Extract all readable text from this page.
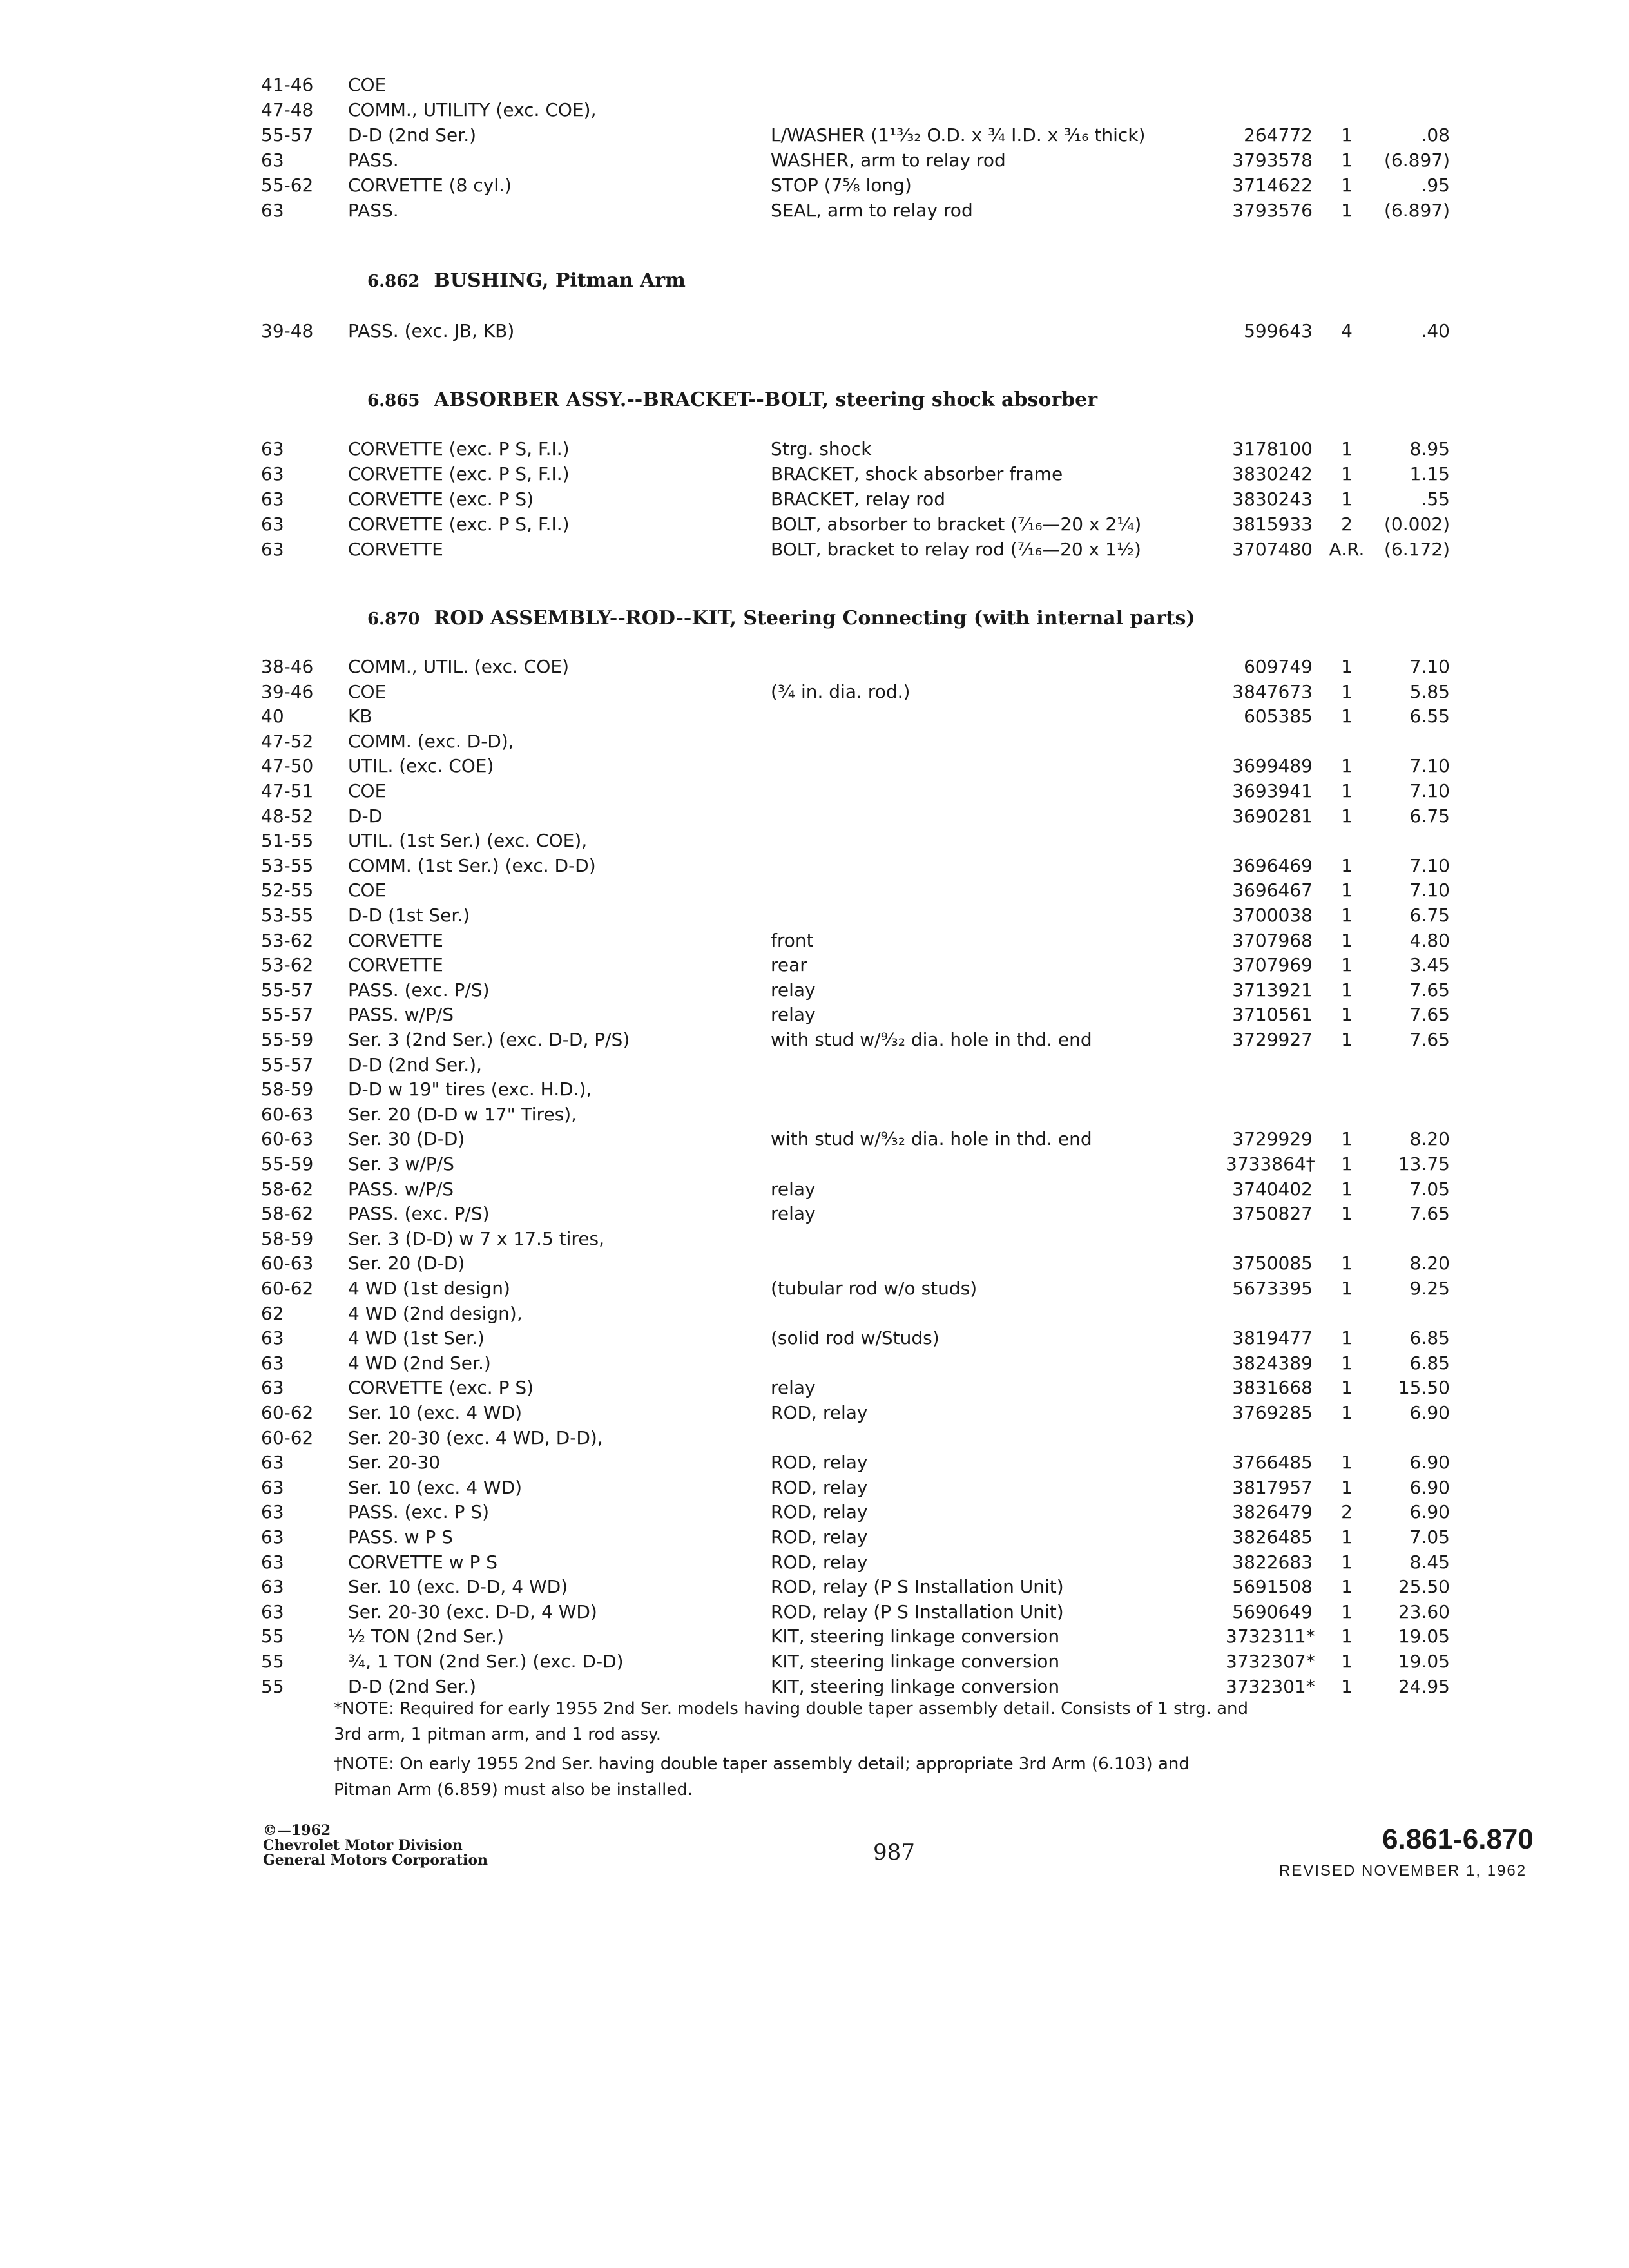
41-46 COE
47-48 COMM., UTILITY (exc. COE),
55-57 D-D (2nd Ser.)	L/WASHER (1¹³⁄₃₂ O.D. x ¾ I.D. x ³⁄₁₆ thick)	264772	1	.08
63	PASS.	WASHER, arm to relay rod	3793578	1	(6.897)
55-62 CORVETTE (8 cyl.)	STOP (7⅝ long)	3714622	1	.95
63	PASS.	SEAL, arm to relay rod	3793576	1	(6.897)
6.862 BUSHING, Pitman Arm
39-48 PASS. (exc. JB, KB)	599643	4	.40
6.865 ABSORBER ASSY.--BRACKET--BOLT, steering shock absorber
63	CORVETTE (exc. P S, F.I.)	Strg. shock	3178100	1	8.95
63	CORVETTE (exc. P S, F.I.)	BRACKET, shock absorber frame	3830242	1	1.15
63	CORVETTE (exc. P S)	BRACKET, relay rod	3830243	1	.55
63	CORVETTE (exc. P S, F.I.)	BOLT, absorber to bracket (⁷⁄₁₆—20 x 2¼)	3815933	2	(0.002)
63	CORVETTE	BOLT, bracket to relay rod (⁷⁄₁₆—20 x 1½)	3707480 A.R.	(6.172)
6.870 ROD ASSEMBLY--ROD--KIT, Steering Connecting (with internal parts)
38-46 COMM., UTIL. (exc. COE)	609749	1	7.10
39-46 COE	(¾ in. dia. rod.)	3847673	1	5.85
40	KB	605385	1	6.55
47-52 COMM. (exc. D-D),
47-50 UTIL. (exc. COE)	3699489	1	7.10
47-51 COE	3693941	1	7.10
48-52 D-D	3690281	1	6.75
51-55 UTIL. (1st Ser.) (exc. COE),
53-55 COMM. (1st Ser.) (exc. D-D)	3696469	1	7.10
52-55 COE	3696467	1	7.10
53-55 D-D (1st Ser.)	3700038	1	6.75
53-62 CORVETTE	front	3707968	1	4.80
53-62 CORVETTE	rear	3707969	1	3.45
55-57 PASS. (exc. P/S)	relay	3713921	1	7.65
55-57 PASS. w/P/S	relay	3710561	1	7.65
55-59 Ser. 3 (2nd Ser.) (exc. D-D, P/S)	with stud w/⁹⁄₃₂ dia. hole in thd. end	3729927	1	7.65
55-57 D-D (2nd Ser.),
58-59 D-D w 19" tires (exc. H.D.),
60-63 Ser. 20 (D-D w 17" Tires),
60-63 Ser. 30 (D-D)	with stud w/⁹⁄₃₂ dia. hole in thd. end	3729929	1	8.20
55-59 Ser. 3 w/P/S	3733864†	1	13.75
58-62 PASS. w/P/S	relay	3740402	1	7.05
58-62 PASS. (exc. P/S)	relay	3750827	1	7.65
58-59 Ser. 3 (D-D) w 7 x 17.5 tires,
60-63 Ser. 20 (D-D)	3750085	1	8.20
60-62 4 WD (1st design)	(tubular rod w/o studs)	5673395	1	9.25
62	4 WD (2nd design),
63	4 WD (1st Ser.)	(solid rod w/Studs)	3819477	1	6.85
63	4 WD (2nd Ser.)	3824389	1	6.85
63	CORVETTE (exc. P S)	relay	3831668	1	15.50
60-62 Ser. 10 (exc. 4 WD)	ROD, relay	3769285	1	6.90
60-62 Ser. 20-30 (exc. 4 WD, D-D),
63	Ser. 20-30	ROD, relay	3766485	1	6.90
63	Ser. 10 (exc. 4 WD)	ROD, relay	3817957	1	6.90
63	PASS. (exc. P S)	ROD, relay	3826479	2	6.90
63	PASS. w P S	ROD, relay	3826485	1	7.05
63	CORVETTE w P S	ROD, relay	3822683	1	8.45
63	Ser. 10 (exc. D-D, 4 WD)	ROD, relay (P S Installation Unit)	5691508	1	25.50
63	Ser. 20-30 (exc. D-D, 4 WD)	ROD, relay (P S Installation Unit)	5690649	1	23.60
55	½ TON (2nd Ser.)	KIT, steering linkage conversion	3732311*	1	19.05
55	¾, 1 TON (2nd Ser.) (exc. D-D)	KIT, steering linkage conversion	3732307*	1	19.05
55	D-D (2nd Ser.)	KIT, steering linkage conversion	3732301*	1	24.95
*NOTE: Required for early 1955 2nd Ser. models having double taper assembly detail. Consists of 1 strg. and 3rd arm, 1 pitman arm, and 1 rod assy.
†NOTE: On early 1955 2nd Ser. having double taper assembly detail; appropriate 3rd Arm (6.103) and Pitman Arm (6.859) must also be installed.
©—1962
Chevrolet Motor Division
General Motors Corporation	987	6.861-6.870
REVISED NOVEMBER 1, 1962
